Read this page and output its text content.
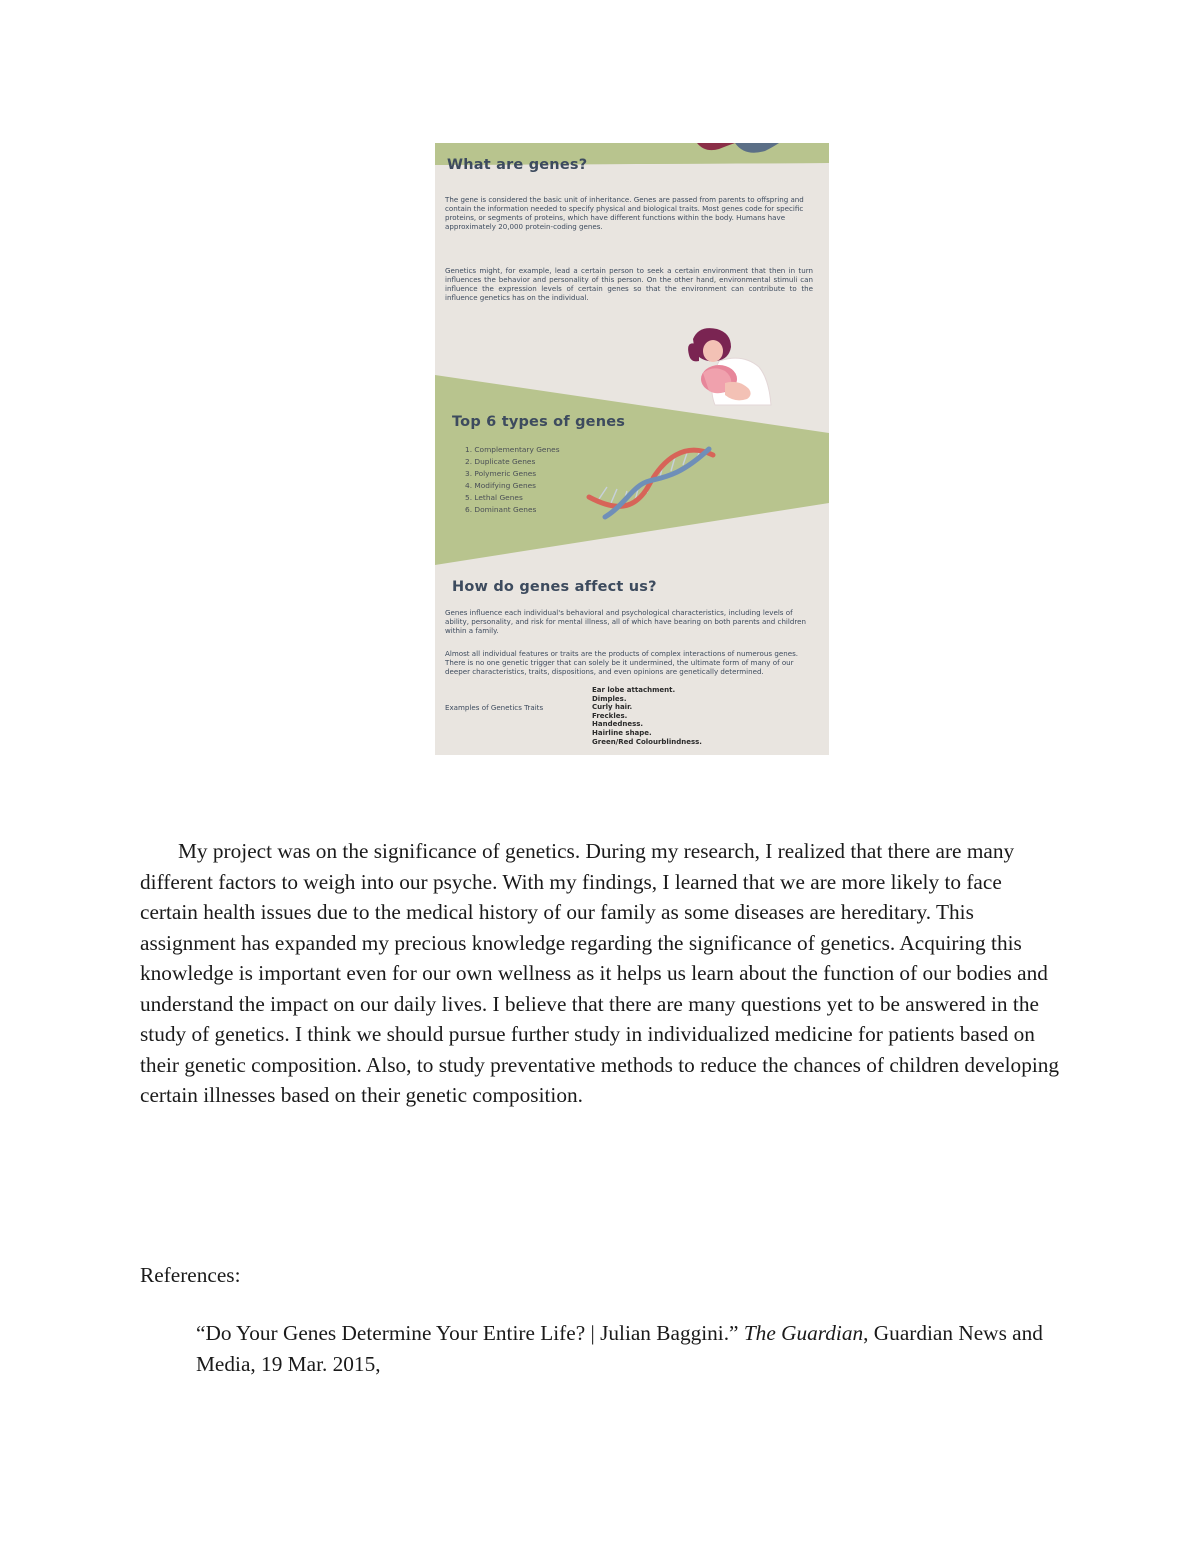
What are genes?

The gene is considered the basic unit of inheritance. Genes are passed from parents to offspring and contain the information needed to specify physical and biological traits. Most genes code for specific proteins, or segments of proteins, which have different functions within the body. Humans have approximately 20,000 protein-coding genes.

Genetics might, for example, lead a certain person to seek a certain environment that then in turn influences the behavior and personality of this person. On the other hand, environmental stimuli can influence the expression levels of certain genes so that the environment can contribute to the influence genetics has on the individual.

Top 6 types of genes
1. Complementary Genes
2. Duplicate Genes
3. Polymeric Genes
4. Modifying Genes
5. Lethal Genes
6. Dominant Genes
How do genes affect us?

Genes influence each individual's behavioral and psychological characteristics, including levels of ability, personality, and risk for mental illness, all of which have bearing on both parents and children within a family.

Almost all individual features or traits are the products of complex interactions of numerous genes. There is no one genetic trigger that can solely be it undermined, the ultimate form of many of our deeper characteristics, traits, dispositions, and even opinions are genetically determined.

Examples of Genetics Traits

Ear lobe attachment.
Dimples.
Curly hair.
Freckles.
Handedness.
Hairline shape.
Green/Red Colourblindness.

My project was on the significance of genetics. During my research, I realized that there are many different factors to weigh into our psyche. With my findings, I learned that we are more likely to face certain health issues due to the medical history of our family as some diseases are hereditary. This assignment has expanded my precious knowledge regarding the significance of genetics. Acquiring this knowledge is important even for our own wellness as it helps us learn about the function of our bodies and understand the impact on our daily lives. I believe that there are many questions yet to be answered in the study of genetics. I think we should pursue further study in individualized medicine for patients based on their genetic composition. Also, to study preventative methods to reduce the chances of children developing certain illnesses based on their genetic composition.

References:

“Do Your Genes Determine Your Entire Life? | Julian Baggini.” The Guardian, Guardian News and Media, 19 Mar. 2015,
